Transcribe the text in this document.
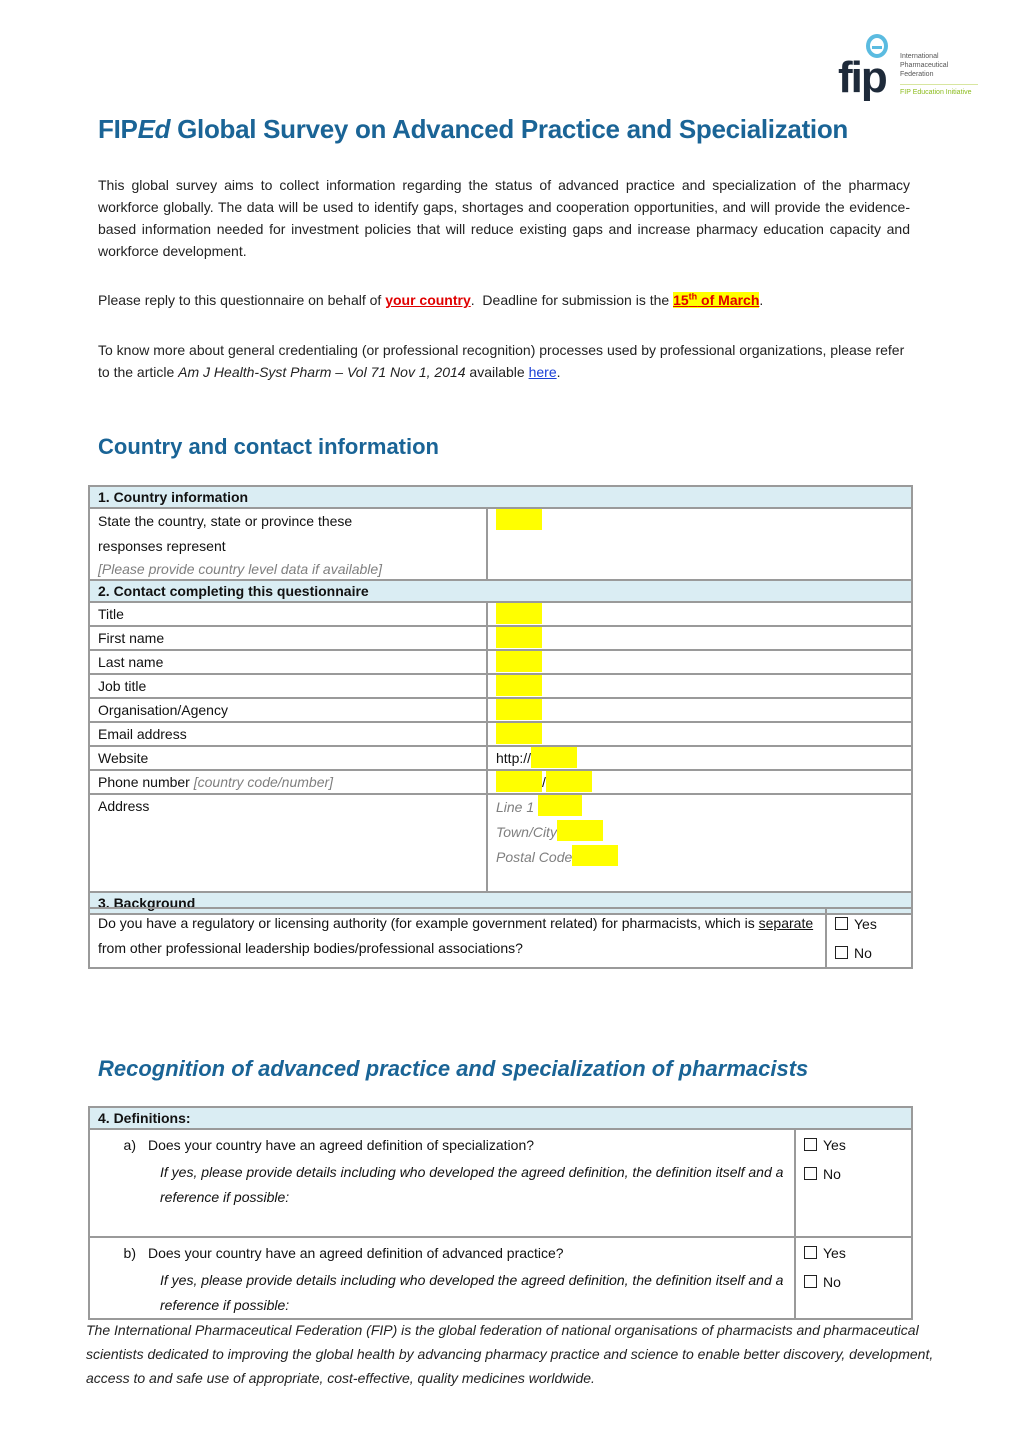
fip International
Pharmaceutical
Federation
FIP Education Initiative
FIPEd Global Survey on Advanced Practice and Specialization
This global survey aims to collect information regarding the status of advanced practice and specialization of the pharmacy workforce globally. The data will be used to identify gaps, shortages and cooperation opportunities, and will provide the evidence-based information needed for investment policies that will reduce existing gaps and increase pharmacy education capacity and workforce development.
Please reply to this questionnaire on behalf of your country.  Deadline for submission is the 15th of March.
To know more about general credentialing (or professional recognition) processes used by professional organizations, please refer to the article Am J Health-Syst Pharm – Vol 71 Nov 1, 2014 available here.
Country and contact information
1. Country information	

State the country, state or province these
responses represent
[Please provide country level data if available]	

2. Contact completing this questionnaire	
Title	
First name	
Last name	
Job title	
Organisation/Agency	
Email address	
Website	http://
Phone number [country code/number]	/
Address	Line 1
Town/City
Postal Code

3. Background	
Do you have a regulatory or licensing authority (for example government related) for pharmacists, which is separate from other professional leadership bodies/professional associations?	
Yes
No
Recognition of advanced practice and specialization of pharmacists
4. Definitions:	

a) Does your country have an agreed definition of specialization?
If yes, please provide details including who developed the agreed definition, the definition itself and a reference if possible:

Yes
No

b) Does your country have an agreed definition of advanced practice?
If yes, please provide details including who developed the agreed definition, the definition itself and a reference if possible:

Yes
No
The International Pharmaceutical Federation (FIP) is the global federation of national organisations of pharmacists and pharmaceutical scientists dedicated to improving the global health by advancing pharmacy practice and science to enable better discovery, development, access to and safe use of appropriate, cost-effective, quality medicines worldwide.
